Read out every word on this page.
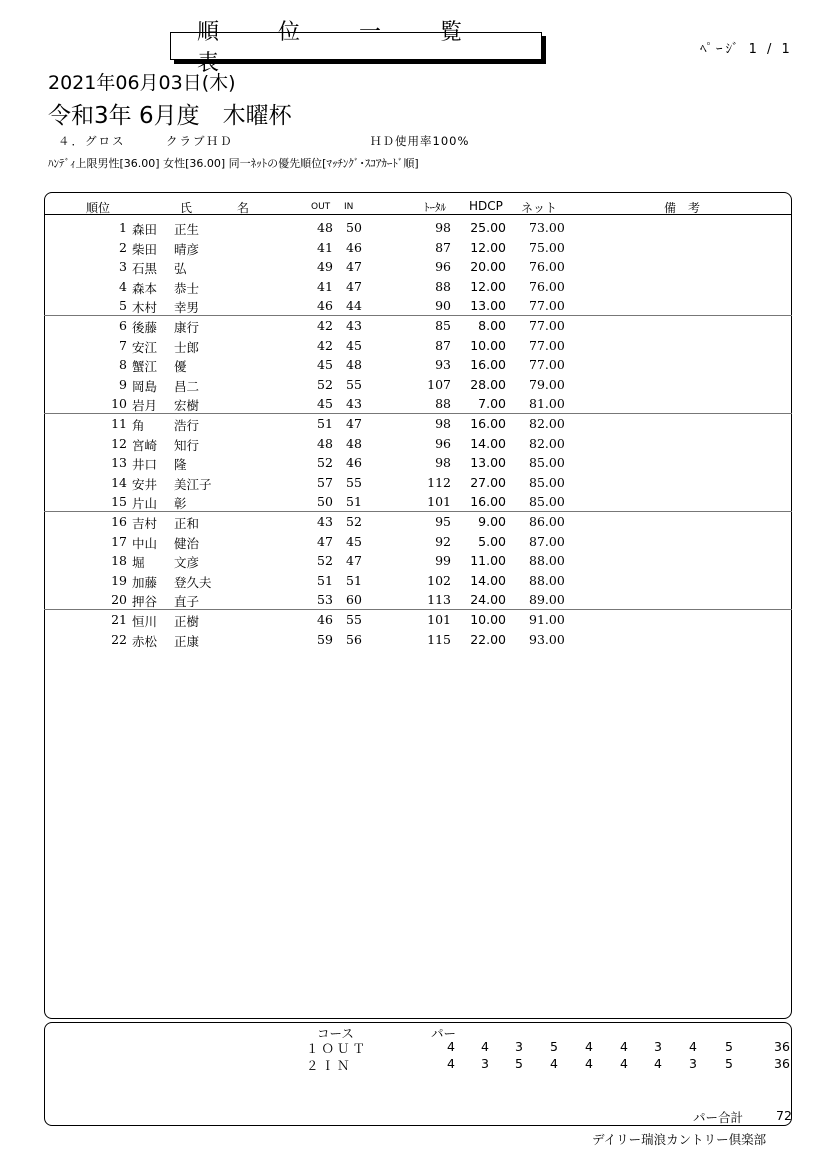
順 位 一 覧 表
ﾍﾟｰｼﾞ 1 / 1
2021年06月03日(木)
令和3年 6月度　木曜杯
４．グロス	クラブＨＤ	ＨＤ使用率100%
ﾊﾝﾃﾞｨ上限男性[36.00] 女性[36.00] 同一ﾈｯﾄの優先順位[ﾏｯﾁﾝｸﾞ･ｽｺｱｶｰﾄﾞ順]
順位	氏	名	OUT IN	ﾄｰﾀﾙ HDCP ネット	備　考
1 森田 正生	48 50	98 25.00 73.00
2 柴田 晴彦	41 46	87 12.00 75.00
3 石黒 弘	49 47	96 20.00 76.00
4 森本 恭士	41 47	88 12.00 76.00
5 木村 幸男	46 44	90 13.00 77.00
6 後藤 康行	42 43	85 8.00 77.00
7 安江 士郎	42 45	87 10.00 77.00
8 蟹江 優	45 48	93 16.00 77.00
9 岡島 昌二	52 55	107 28.00 79.00
10 岩月 宏樹	45 43	88 7.00 81.00
11 角 浩行	51 47	98 16.00 82.00
12 宮崎 知行	48 48	96 14.00 82.00
13 井口 隆	52 46	98 13.00 85.00
14 安井 美江子	57 55	112 27.00 85.00
15 片山 彰	50 51	101 16.00 85.00
16 吉村 正和	43 52	95 9.00 86.00
17 中山 健治	47 45	92 5.00 87.00
18 堀 文彦	52 47	99 11.00 88.00
19 加藤 登久夫	51 51	102 14.00 88.00
20 押谷 直子	53 60	113 24.00 89.00
21 恒川 正樹	46 55	101 10.00 91.00
22 赤松 正康	59 56	115 22.00 93.00
コース	パー
１ＯＵＴ	4 4 3 5 4 4 3 4 5	36
２ＩＮ	4 3 5 4 4 4 4 3 5	36
パー合計	72
デイリー瑞浪カントリー倶楽部
